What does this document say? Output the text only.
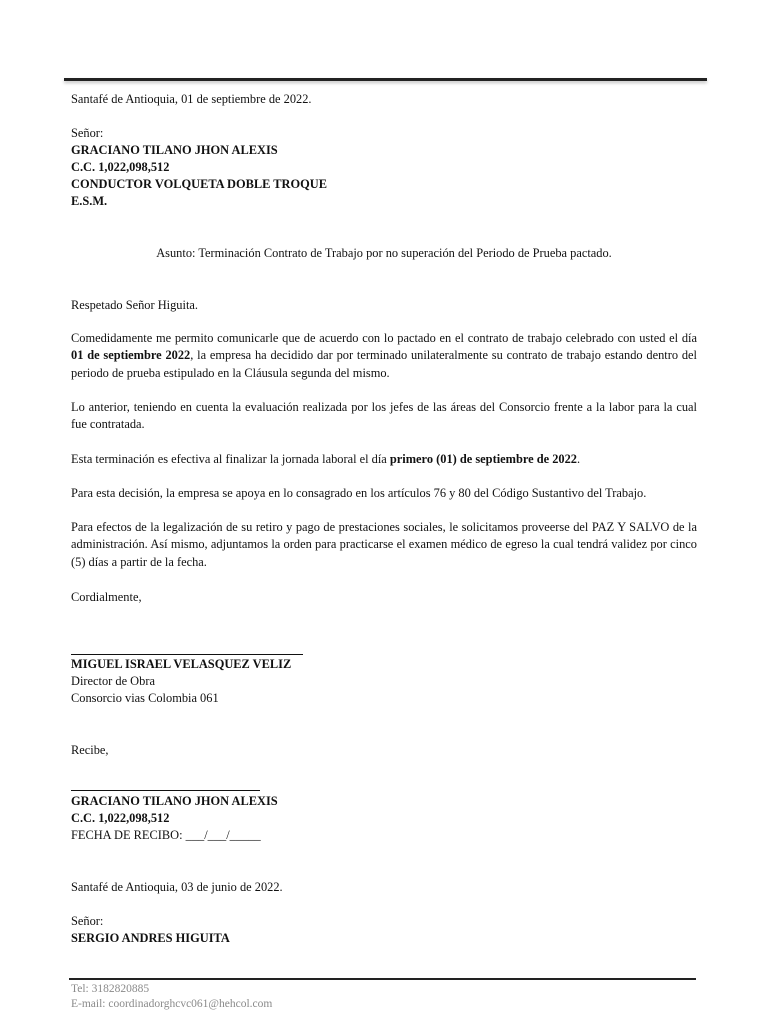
Santafé de Antioquia, 01 de septiembre de 2022.
Señor:
GRACIANO TILANO JHON ALEXIS
C.C. 1,022,098,512
CONDUCTOR VOLQUETA DOBLE TROQUE
E.S.M.
Asunto: Terminación Contrato de Trabajo por no superación del Periodo de Prueba pactado.
Respetado Señor Higuita.
Comedidamente me permito comunicarle que de acuerdo con lo pactado en el contrato de trabajo celebrado con usted el día 01 de septiembre 2022, la empresa ha decidido dar por terminado unilateralmente su contrato de trabajo estando dentro del periodo de prueba estipulado en la Cláusula segunda del mismo.
Lo anterior, teniendo en cuenta la evaluación realizada por los jefes de las áreas del Consorcio frente a la labor para la cual fue contratada.
Esta terminación es efectiva al finalizar la jornada laboral el día primero (01) de septiembre de 2022.
Para esta decisión, la empresa se apoya en lo consagrado en los artículos 76 y 80 del Código Sustantivo del Trabajo.
Para efectos de la legalización de su retiro y pago de prestaciones sociales, le solicitamos proveerse del PAZ Y SALVO de la administración. Así mismo, adjuntamos la orden para practicarse el examen médico de egreso la cual tendrá validez por cinco (5) días a partir de la fecha.
Cordialmente,
MIGUEL ISRAEL VELASQUEZ VELIZ
Director de Obra
Consorcio vias Colombia 061
Recibe,
GRACIANO TILANO JHON ALEXIS
C.C. 1,022,098,512
FECHA DE RECIBO: ___/___/_____
Santafé de Antioquia, 03 de junio de 2022.
Señor:
SERGIO ANDRES HIGUITA
Tel: 3182820885
E-mail: coordinadorghcvc061@hehcol.com
